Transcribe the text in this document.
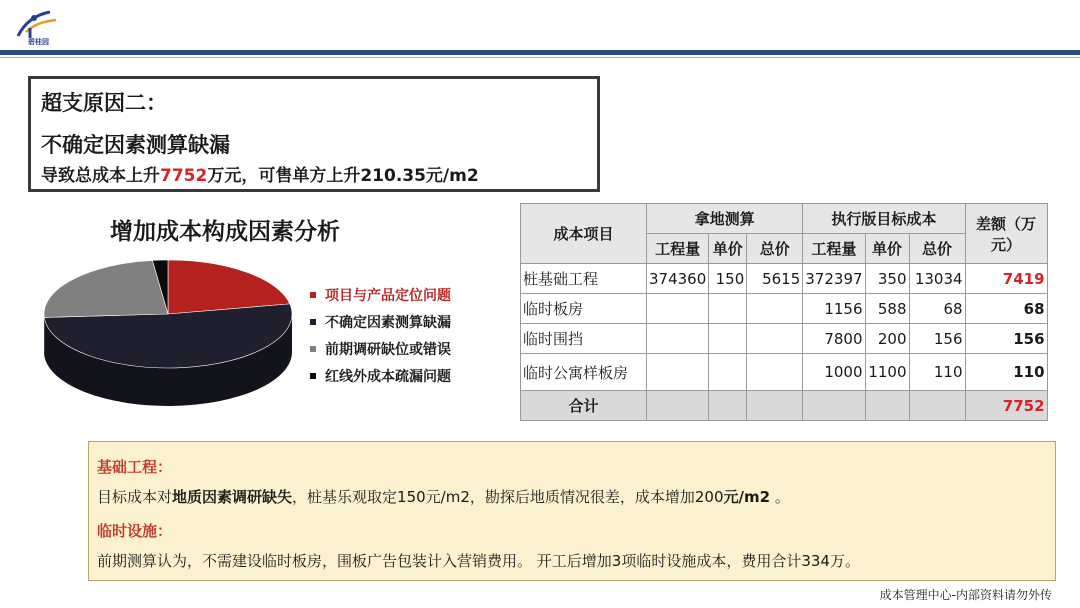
碧桂园
超支原因二：
不确定因素测算缺漏
导致总成本上升7752万元，可售单方上升210.35元/m2
增加成本构成因素分析
项目与产品定位问题
不确定因素测算缺漏
前期调研缺位或错误
红线外成本疏漏问题
成本项目	拿地测算			执行版目标成本			差额（万元）
	工程量	单价	总价	工程量	单价	总价	
桩基础工程	374360	150	5615	372397	350	13034	7419
临时板房				1156	588	68	68
临时围挡				7800	200	156	156
临时公寓样板房				1000	1100	110	110
合计							7752
基础工程：
目标成本对地质因素调研缺失，桩基乐观取定150元/m2，勘探后地质情况很差，成本增加200元/m2 。
临时设施：
前期测算认为，不需建设临时板房，围板广告包装计入营销费用。 开工后增加3项临时设施成本，费用合计334万。
成本管理中心-内部资料请勿外传
